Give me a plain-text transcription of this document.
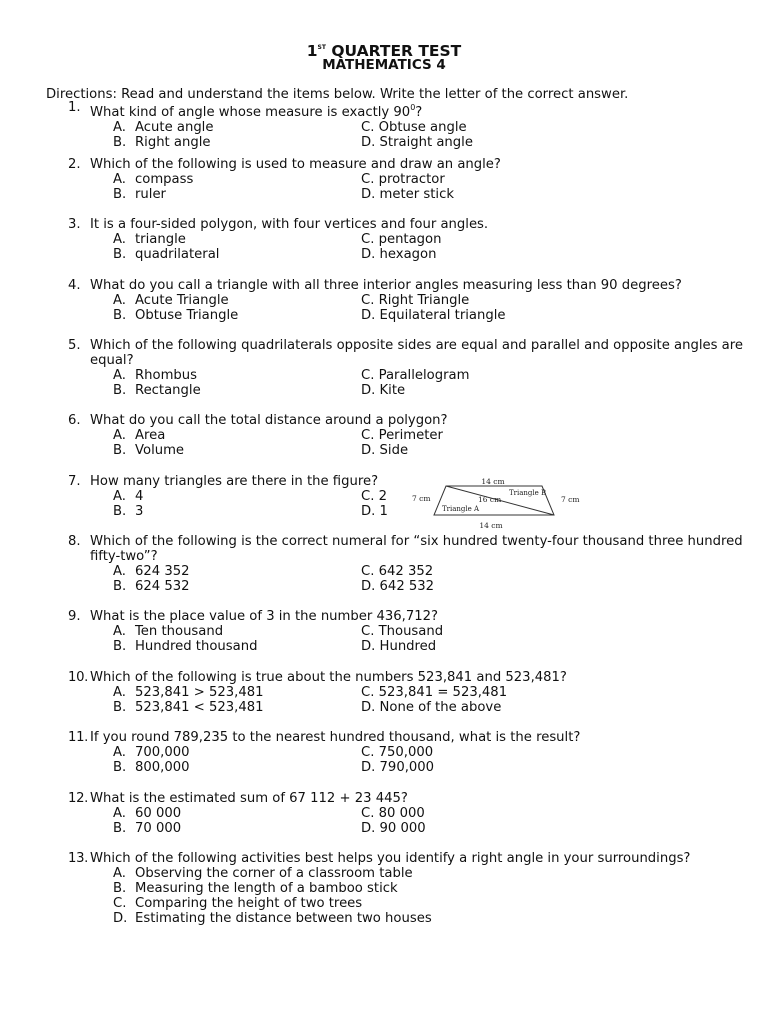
1ST QUARTER TEST
MATHEMATICS 4
Directions: Read and understand the items below. Write the letter of the correct answer.
1. What kind of angle whose measure is exactly $90^0$?
A. Acute angle
B. Right angle
C. Obtuse angle
D. Straight angle
2. Which of the following is used to measure and draw an angle?
A. compass
B. ruler
C. protractor
D. meter stick
3. It is a four-sided polygon, with four vertices and four angles.
A. triangle
B. quadrilateral
C. pentagon
D. hexagon
4. What do you call a triangle with all three interior angles measuring less than 90 degrees?
A. Acute Triangle
B. Obtuse Triangle
C. Right Triangle
D. Equilateral triangle
5. Which of the following quadrilaterals opposite sides are equal and parallel and opposite angles are equal?
A. Rhombus
B. Rectangle
C. Parallelogram
D. Kite
6. What do you call the total distance around a polygon?
A. Area
B. Volume
C. Perimeter
D. Side
7. How many triangles are there in the figure?
A. 4
B. 3
C. 2
D. 1
14 cm
14 cm
7 cm	7 cm
16 cm
Triangle B
Triangle A
8. Which of the following is the correct numeral for “six hundred twenty-four thousand three hundred fifty-two”?
A. 624 352
B. 624 532
C. 642 352
D. 642 532
9. What is the place value of 3 in the number 436,712?
A. Ten thousand
B. Hundred thousand
C. Thousand
D. Hundred
10. Which of the following is true about the numbers 523,841 and 523,481?
A. 523,841 > 523,481
B. 523,841 < 523,481
C. 523,841 = 523,481
D. None of the above
11. If you round 789,235 to the nearest hundred thousand, what is the result?
A. 700,000
B. 800,000
C. 750,000
D. 790,000
12. What is the estimated sum of 67 112 + 23 445?
A. 60 000
B. 70 000
C. 80 000
D. 90 000
13. Which of the following activities best helps you identify a right angle in your surroundings?
A. Observing the corner of a classroom table
B. Measuring the length of a bamboo stick
C. Comparing the height of two trees
D. Estimating the distance between two houses
